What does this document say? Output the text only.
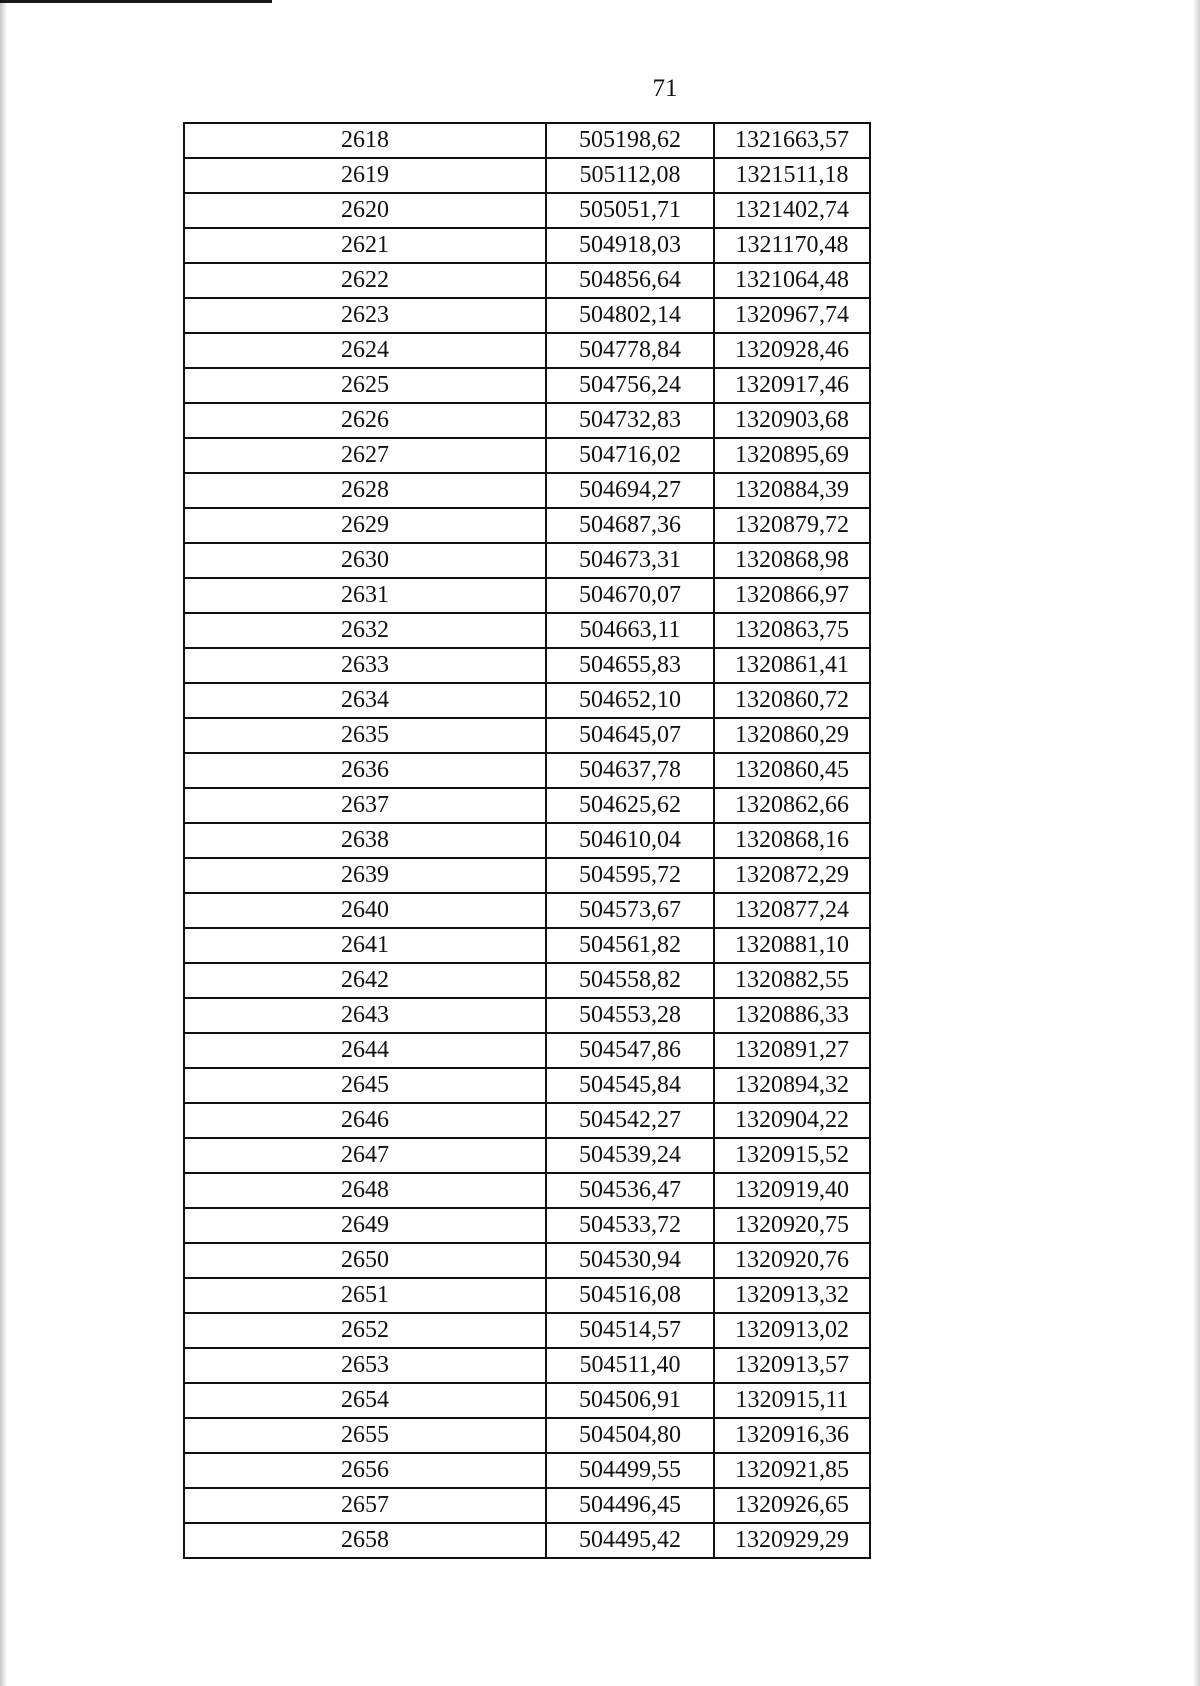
71
2618	505198,62	1321663,57
2619	505112,08	1321511,18
2620	505051,71	1321402,74
2621	504918,03	1321170,48
2622	504856,64	1321064,48
2623	504802,14	1320967,74
2624	504778,84	1320928,46
2625	504756,24	1320917,46
2626	504732,83	1320903,68
2627	504716,02	1320895,69
2628	504694,27	1320884,39
2629	504687,36	1320879,72
2630	504673,31	1320868,98
2631	504670,07	1320866,97
2632	504663,11	1320863,75
2633	504655,83	1320861,41
2634	504652,10	1320860,72
2635	504645,07	1320860,29
2636	504637,78	1320860,45
2637	504625,62	1320862,66
2638	504610,04	1320868,16
2639	504595,72	1320872,29
2640	504573,67	1320877,24
2641	504561,82	1320881,10
2642	504558,82	1320882,55
2643	504553,28	1320886,33
2644	504547,86	1320891,27
2645	504545,84	1320894,32
2646	504542,27	1320904,22
2647	504539,24	1320915,52
2648	504536,47	1320919,40
2649	504533,72	1320920,75
2650	504530,94	1320920,76
2651	504516,08	1320913,32
2652	504514,57	1320913,02
2653	504511,40	1320913,57
2654	504506,91	1320915,11
2655	504504,80	1320916,36
2656	504499,55	1320921,85
2657	504496,45	1320926,65
2658	504495,42	1320929,29
